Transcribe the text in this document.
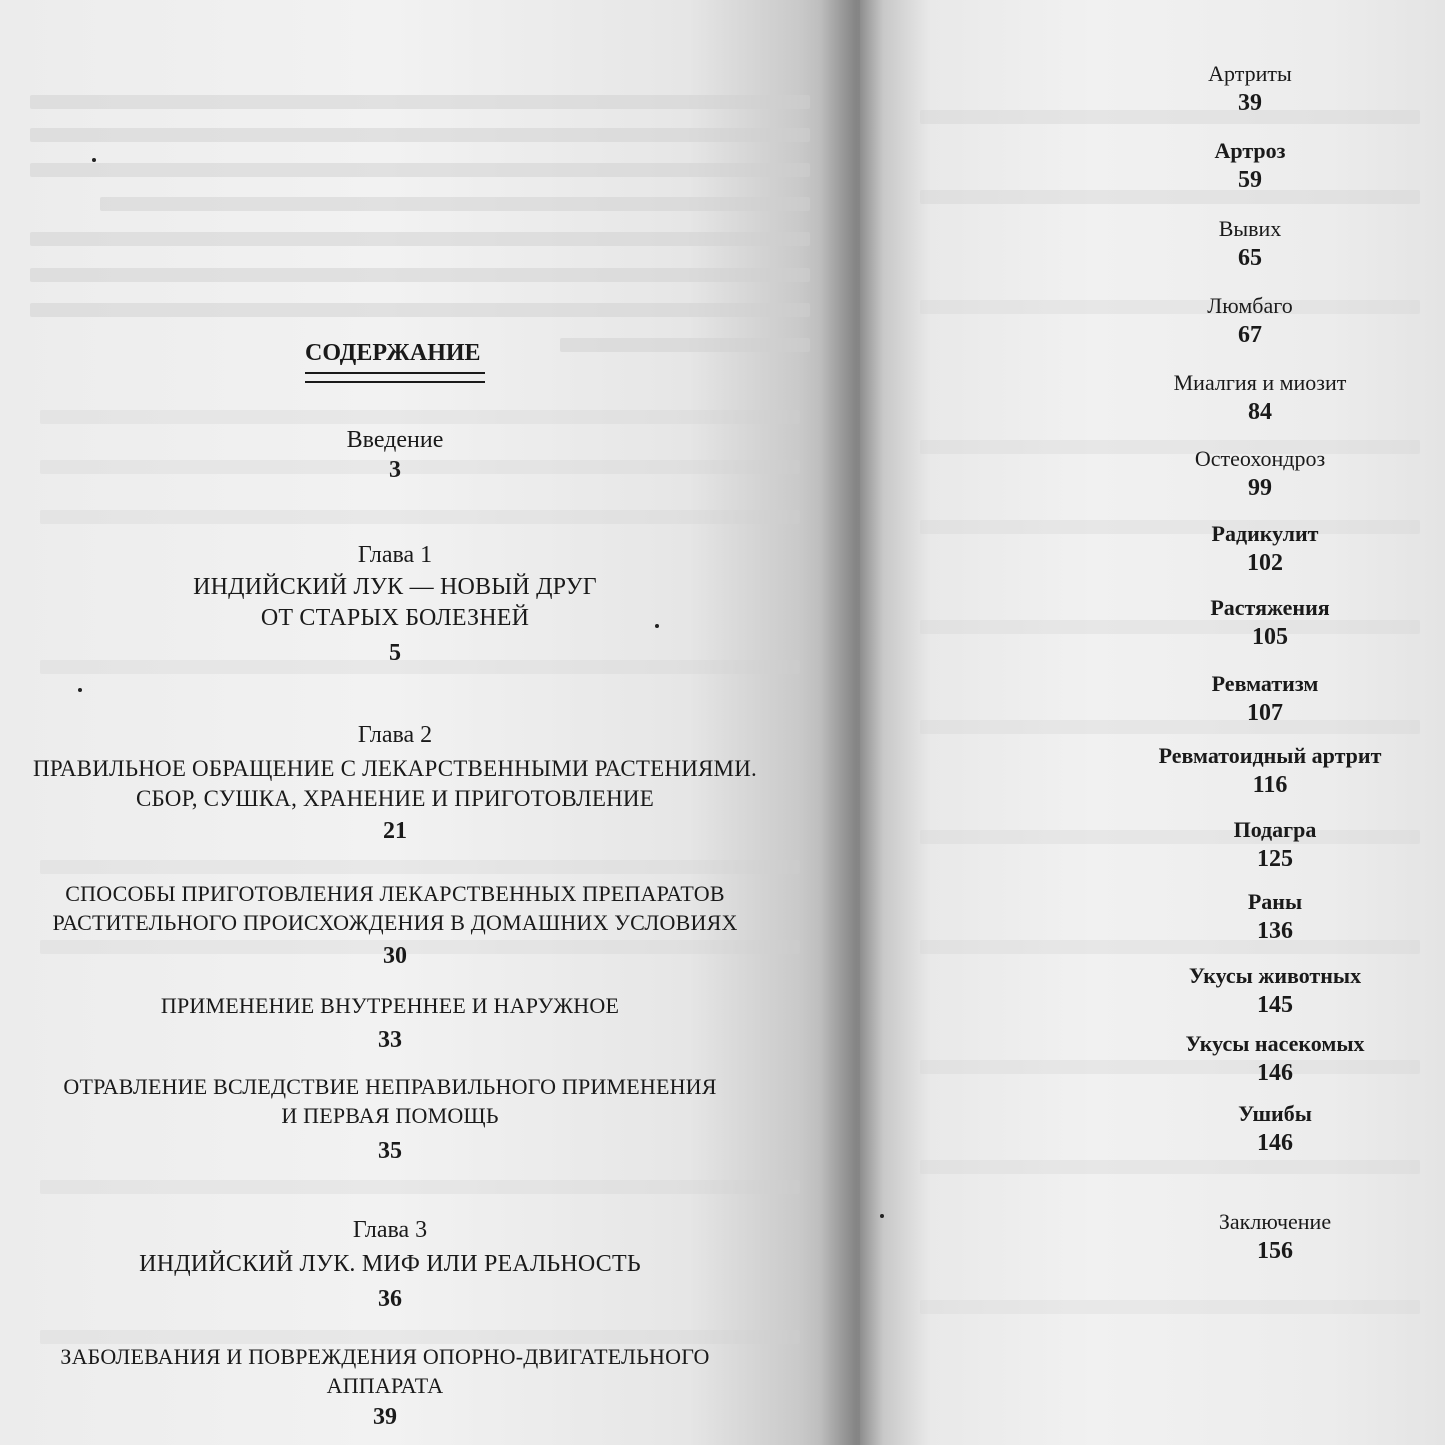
СОДЕРЖАНИЕ
Введение
3
Глава 1
ИНДИЙСКИЙ ЛУК — НОВЫЙ ДРУГ
ОТ СТАРЫХ БОЛЕЗНЕЙ
5
Глава 2
ПРАВИЛЬНОЕ ОБРАЩЕНИЕ С ЛЕКАРСТВЕННЫМИ РАСТЕНИЯМИ.
СБОР, СУШКА, ХРАНЕНИЕ И ПРИГОТОВЛЕНИЕ
21
СПОСОБЫ ПРИГОТОВЛЕНИЯ ЛЕКАРСТВЕННЫХ ПРЕПАРАТОВ
РАСТИТЕЛЬНОГО ПРОИСХОЖДЕНИЯ В ДОМАШНИХ УСЛОВИЯХ
30
ПРИМЕНЕНИЕ ВНУТРЕННЕЕ И НАРУЖНОЕ
33
ОТРАВЛЕНИЕ ВСЛЕДСТВИЕ НЕПРАВИЛЬНОГО ПРИМЕНЕНИЯ
И ПЕРВАЯ ПОМОЩЬ
35
Глава 3
ИНДИЙСКИЙ ЛУК. МИФ ИЛИ РЕАЛЬНОСТЬ
36
ЗАБОЛЕВАНИЯ И ПОВРЕЖДЕНИЯ ОПОРНО-ДВИГАТЕЛЬНОГО
АППАРАТА
39
Артриты
39
Артроз
59
Вывих
65
Люмбаго
67
Миалгия и миозит
84
Остеохондроз
99
Радикулит
102
Растяжения
105
Ревматизм
107
Ревматоидный артрит
116
Подагра
125
Раны
136
Укусы животных
145
Укусы насекомых
146
Ушибы
146
Заключение
156
